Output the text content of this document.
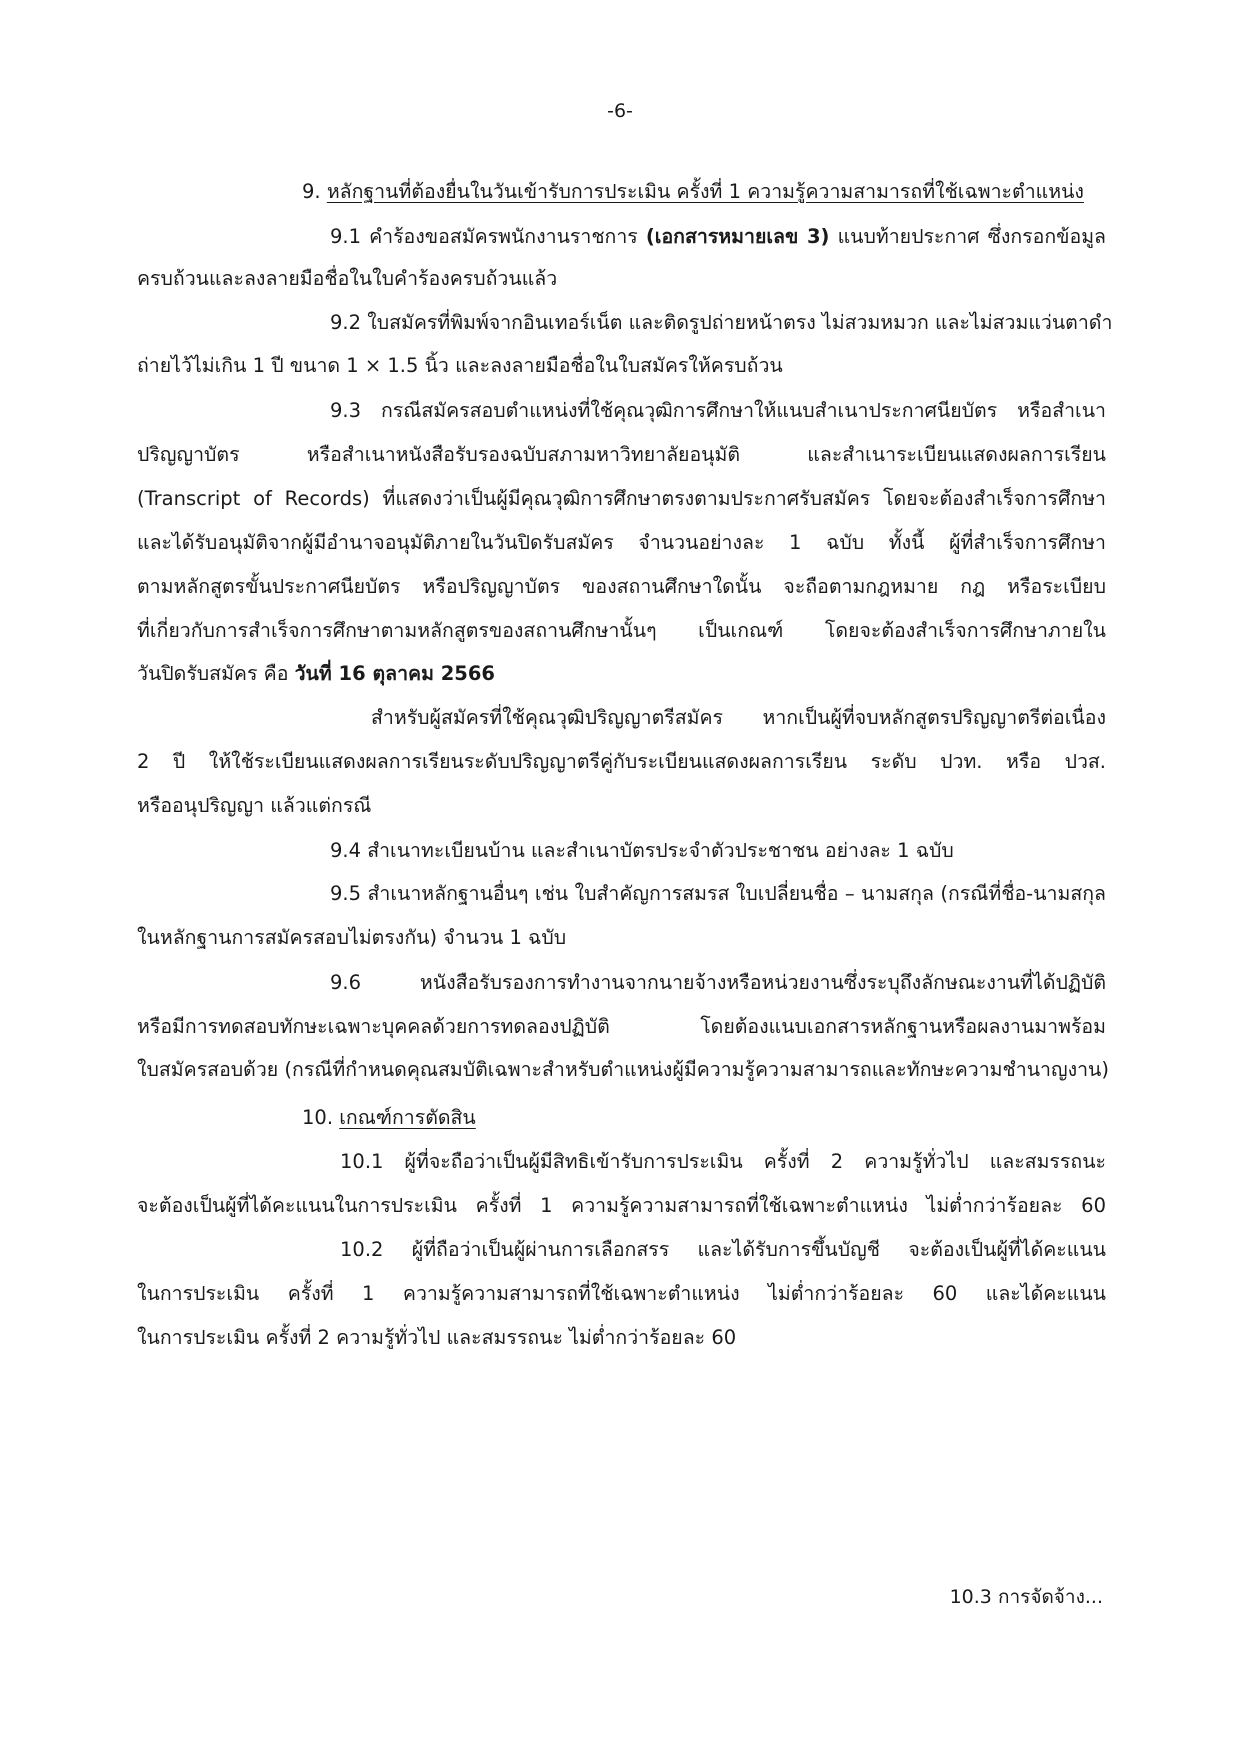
-6-
9. หลักฐานที่ต้องยื่นในวันเข้ารับการประเมิน ครั้งที่ 1 ความรู้ความสามารถที่ใช้เฉพาะตำแหน่ง
9.1 คำร้องขอสมัครพนักงานราชการ (เอกสารหมายเลข 3) แนบท้ายประกาศ ซึ่งกรอกข้อมูล
ครบถ้วนและลงลายมือชื่อในใบคำร้องครบถ้วนแล้ว
9.2 ใบสมัครที่พิมพ์จากอินเทอร์เน็ต และติดรูปถ่ายหน้าตรง ไม่สวมหมวก และไม่สวมแว่นตาดำ
ถ่ายไว้ไม่เกิน 1 ปี ขนาด 1 × 1.5 นิ้ว และลงลายมือชื่อในใบสมัครให้ครบถ้วน
9.3 กรณีสมัครสอบตำแหน่งที่ใช้คุณวุฒิการศึกษาให้แนบสำเนาประกาศนียบัตร หรือสำเนา
ปริญญาบัตร หรือสำเนาหนังสือรับรองฉบับสภามหาวิทยาลัยอนุมัติ และสำเนาระเบียนแสดงผลการเรียน
(Transcript of Records) ที่แสดงว่าเป็นผู้มีคุณวุฒิการศึกษาตรงตามประกาศรับสมัคร โดยจะต้องสำเร็จการศึกษา
และได้รับอนุมัติจากผู้มีอำนาจอนุมัติภายในวันปิดรับสมัคร จำนวนอย่างละ 1 ฉบับ ทั้งนี้ ผู้ที่สำเร็จการศึกษา
ตามหลักสูตรขั้นประกาศนียบัตร หรือปริญญาบัตร ของสถานศึกษาใดนั้น จะถือตามกฎหมาย กฎ หรือระเบียบ
ที่เกี่ยวกับการสำเร็จการศึกษาตามหลักสูตรของสถานศึกษานั้นๆ เป็นเกณฑ์ โดยจะต้องสำเร็จการศึกษาภายใน
วันปิดรับสมัคร คือ วันที่ 16 ตุลาคม 2566
สำหรับผู้สมัครที่ใช้คุณวุฒิปริญญาตรีสมัคร หากเป็นผู้ที่จบหลักสูตรปริญญาตรีต่อเนื่อง
2 ปี ให้ใช้ระเบียนแสดงผลการเรียนระดับปริญญาตรีคู่กับระเบียนแสดงผลการเรียน ระดับ ปวท. หรือ ปวส.
หรืออนุปริญญา แล้วแต่กรณี
9.4 สำเนาทะเบียนบ้าน และสำเนาบัตรประจำตัวประชาชน อย่างละ 1 ฉบับ
9.5 สำเนาหลักฐานอื่นๆ เช่น ใบสำคัญการสมรส ใบเปลี่ยนชื่อ – นามสกุล (กรณีที่ชื่อ-นามสกุล
ในหลักฐานการสมัครสอบไม่ตรงกัน) จำนวน 1 ฉบับ
9.6 หนังสือรับรองการทำงานจากนายจ้างหรือหน่วยงานซึ่งระบุถึงลักษณะงานที่ได้ปฏิบัติ
หรือมีการทดสอบทักษะเฉพาะบุคคลด้วยการทดลองปฏิบัติ โดยต้องแนบเอกสารหลักฐานหรือผลงานมาพร้อม
ใบสมัครสอบด้วย (กรณีที่กำหนดคุณสมบัติเฉพาะสำหรับตำแหน่งผู้มีความรู้ความสามารถและทักษะความชำนาญงาน)
10. เกณฑ์การตัดสิน
10.1 ผู้ที่จะถือว่าเป็นผู้มีสิทธิเข้ารับการประเมิน ครั้งที่ 2 ความรู้ทั่วไป และสมรรถนะ
จะต้องเป็นผู้ที่ได้คะแนนในการประเมิน ครั้งที่ 1 ความรู้ความสามารถที่ใช้เฉพาะตำแหน่ง ไม่ต่ำกว่าร้อยละ 60
10.2 ผู้ที่ถือว่าเป็นผู้ผ่านการเลือกสรร และได้รับการขึ้นบัญชี จะต้องเป็นผู้ที่ได้คะแนน
ในการประเมิน ครั้งที่ 1 ความรู้ความสามารถที่ใช้เฉพาะตำแหน่ง ไม่ต่ำกว่าร้อยละ 60 และได้คะแนน
ในการประเมิน ครั้งที่ 2 ความรู้ทั่วไป และสมรรถนะ ไม่ต่ำกว่าร้อยละ 60
10.3 การจัดจ้าง...
